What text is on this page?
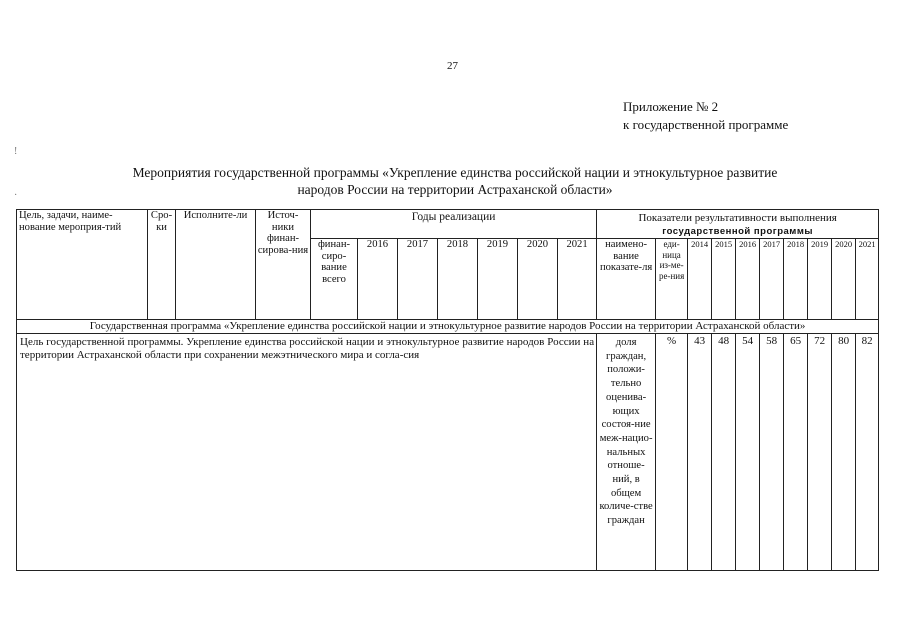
27
Приложение № 2
к государственной программе
!
·
Мероприятия государственной программы «Укрепление единства российской нации и этнокультурное развитие
народов России на территории Астраханской области»
Цель, задачи, наиме-нование мероприя-тий	Сро-ки	Исполните-ли	Источ-ники финан-сирова-ния	Годы реализации							Показатели результативности выполнения
государственной программы									

				финан-сиро-вание всего	2016	2017	2018	2019	2020	2021	наимено-вание показате-ля	еди-ница из-ме-ре-ния	2014	2015	2016	2017	2018	2019	2020	2021
Государственная программа «Укрепление единства российской нации и этнокультурное развитие народов России на территории Астраханской области»																				
Цель государственной программы. Укрепление единства российской нации и этнокультурное развитие народов России на территории Астраханской области при сохранении межэтнического мира и согла-сия											доля граждан, положи-тельно оценива-ющих состоя-ние меж-нацио-нальных отноше-ний, в общем количе-стве граждан	%	43	48	54	58	65	72	80	82
